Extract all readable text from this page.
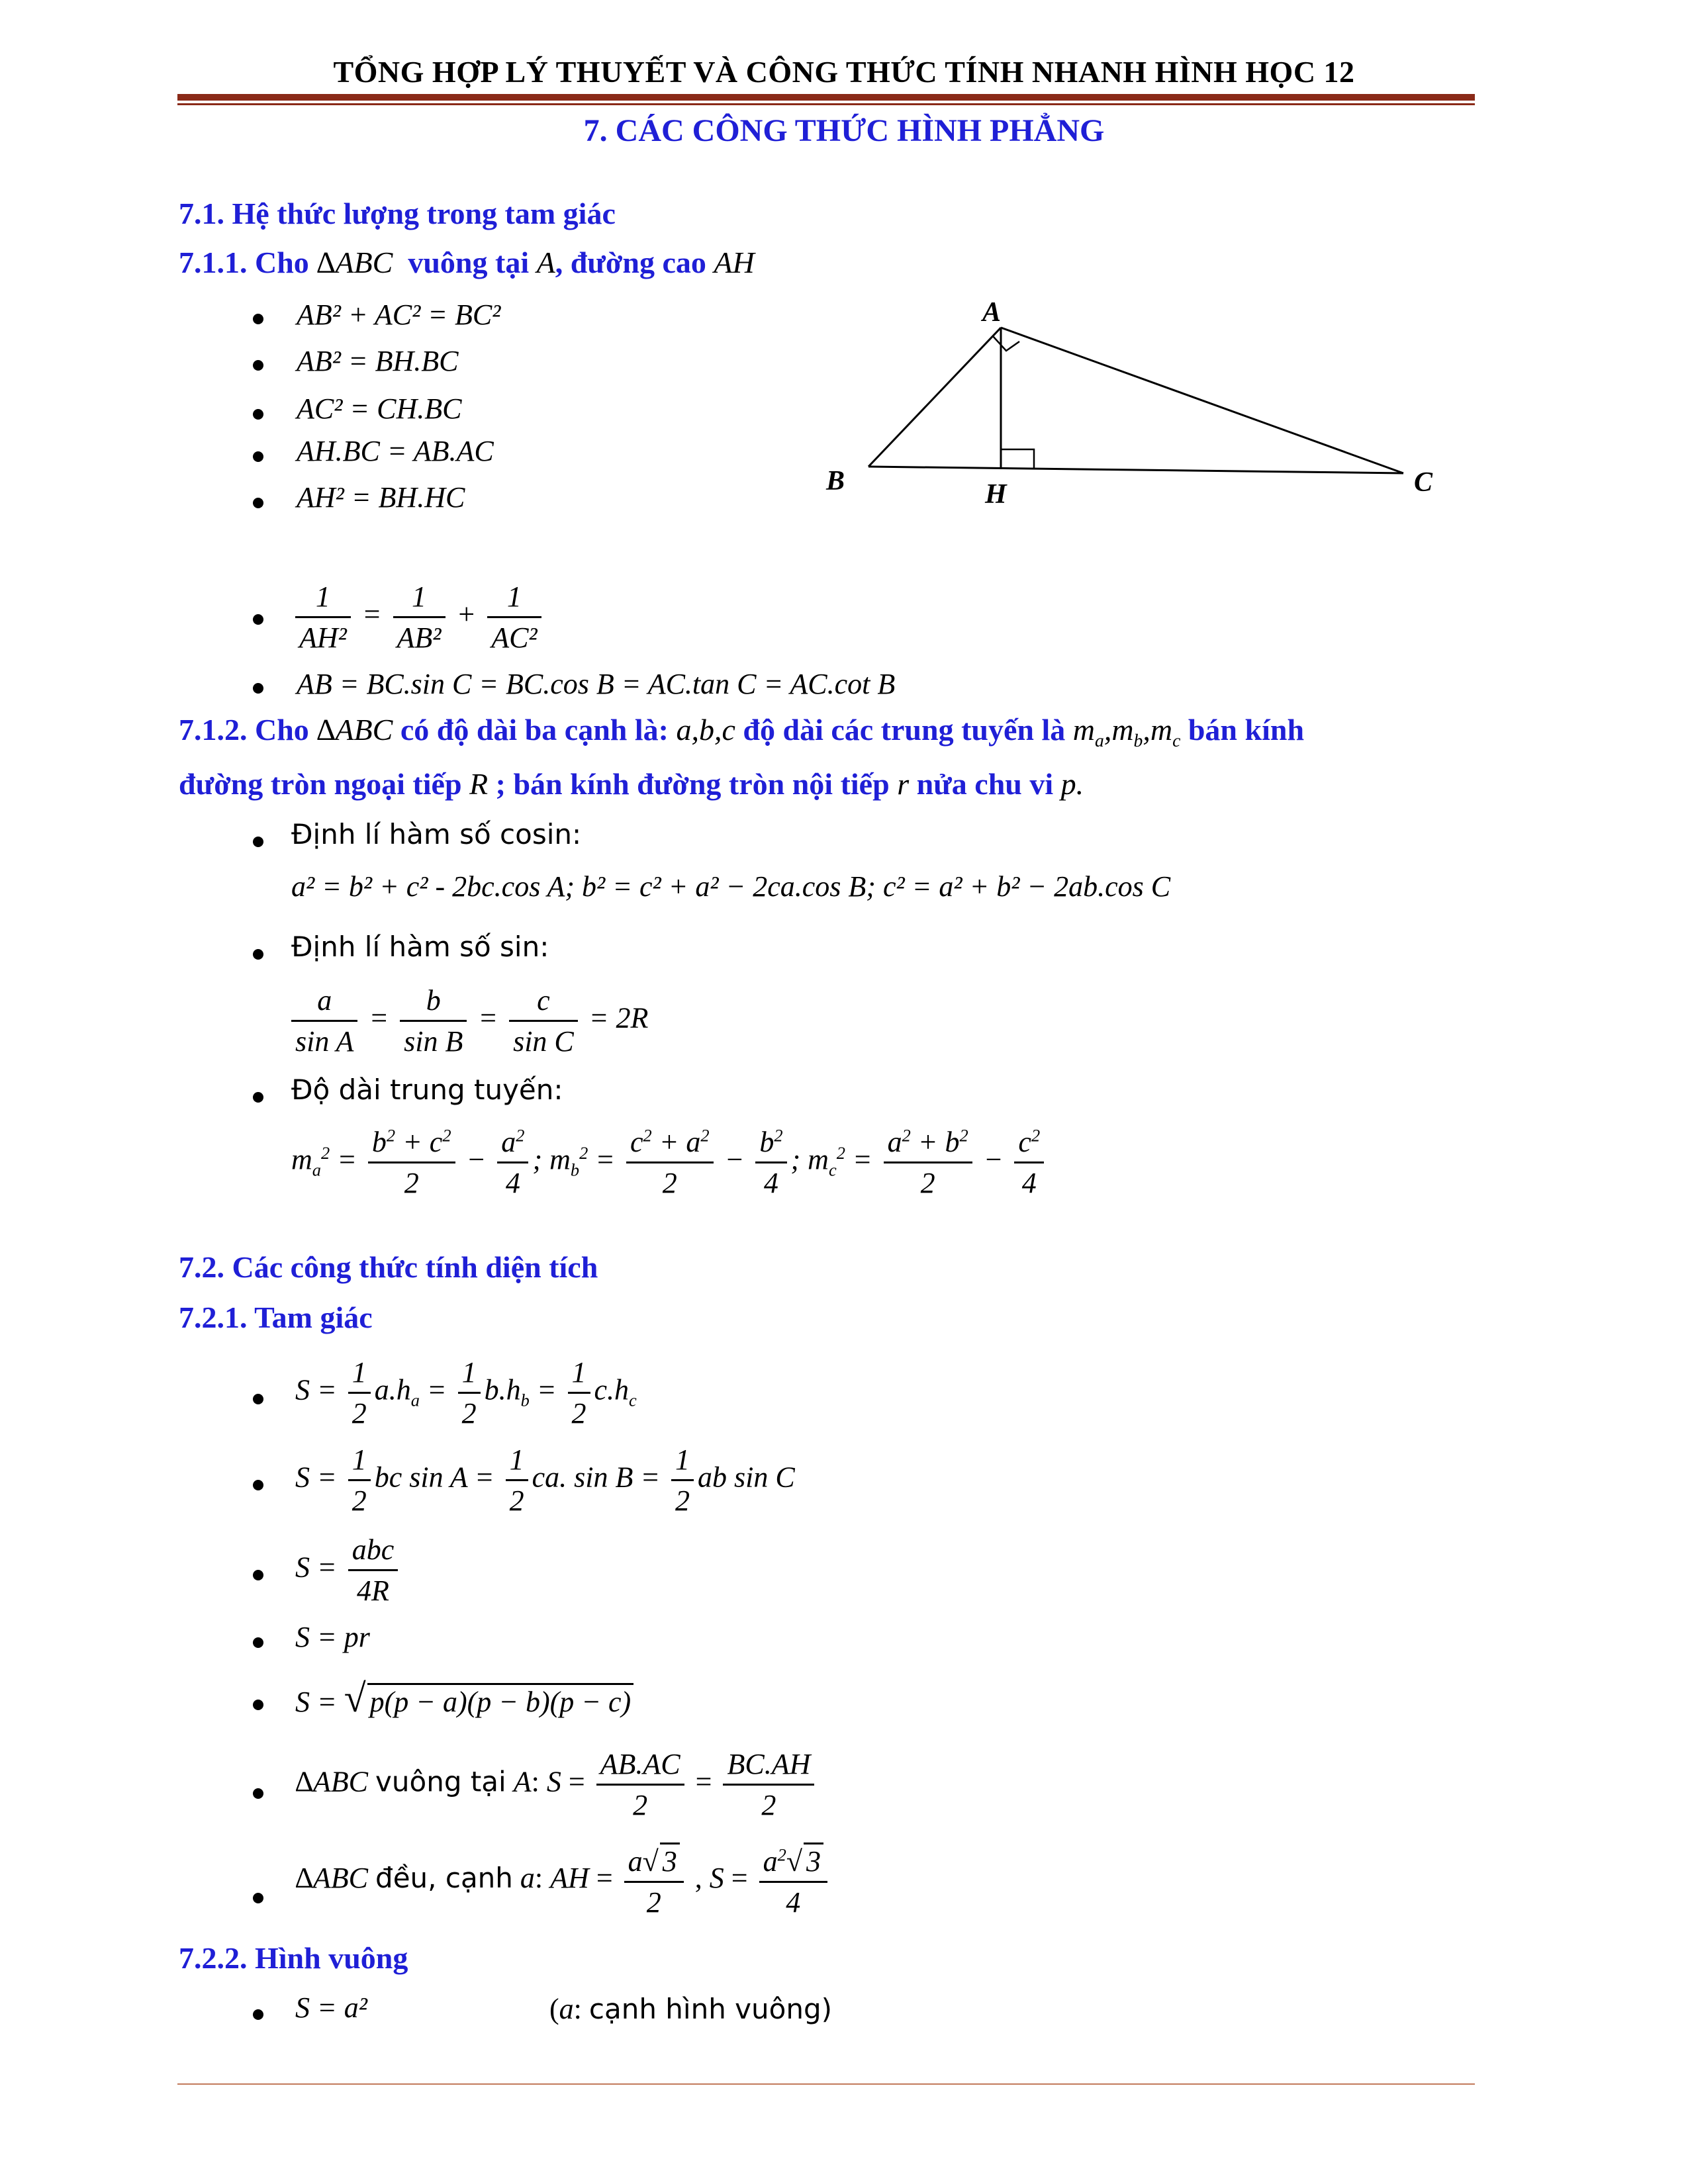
TỔNG HỢP LÝ THUYẾT VÀ CÔNG THỨC TÍNH NHANH HÌNH HỌC 12
7. CÁC CÔNG THỨC HÌNH PHẲNG
7.1. Hệ thức lượng trong tam giác
7.1.1. Cho ∆ABC vuông tại A, đường cao AH
AB² + AC² = BC²
AB² = BH.BC
AC² = CH.BC
AH.BC = AB.AC
AH² = BH.HC
A
B	H	C
$\frac{1}{\text{AH²}} = \frac{1}{\text{AB²}} + \frac{1}{\text{AC²}}$
AB = BC.sin C = BC.cos B = AC.tan C = AC.cot B
7.1.2. Cho ∆ABC có độ dài ba cạnh là: a,b,c độ dài các trung tuyến là $m_a,m_b,m_c$ bán kính
đường tròn ngoại tiếp R ; bán kính đường tròn nội tiếp r nửa chu vi p.
Định lí hàm số cosin:
a² = b² + c² - 2bc.cos A; b² = c² + a² − 2ca.cos B; c² = a² + b² − 2ab.cos C
Định lí hàm số sin:
$\frac{a}{\text{sin A}} = \frac{b}{\text{sin B}} = \frac{c}{\text{sin C}} = 2R$
Độ dài trung tuyến:
$m_a^2 = \frac{b^2 + c^2}{2} - \frac{a^2}{4}$ ; $m_b^2 = \frac{c^2 + a^2}{2} - \frac{b^2}{4}$ ; $m_c^2 = \frac{a^2 + b^2}{2} - \frac{c^2}{4}$
7.2. Các công thức tính diện tích
7.2.1. Tam giác
$S = \frac{1}{2} a.h_a = \frac{1}{2} b.h_b = \frac{1}{2} c.h_c$
$S = \frac{1}{2}$ bc $\sin A = \frac{1}{2}$ ca. $\sin B = \frac{1}{2}$ ab sin C
$S = \frac{\text{abc}}{4R}$
S = pr
S = √ p(p − a)(p − b)(p − c)
∆ABC vuông tại A: $S = \frac{AB.AC}{2} = \frac{BC.AH}{2}$
∆ABC đều, cạnh a: AH = $\frac{a√ 3}{2}$ , $S = \frac{a^2√ 3}{4}$
7.2.2. Hình vuông
S = a²	(a: cạnh hình vuông)
